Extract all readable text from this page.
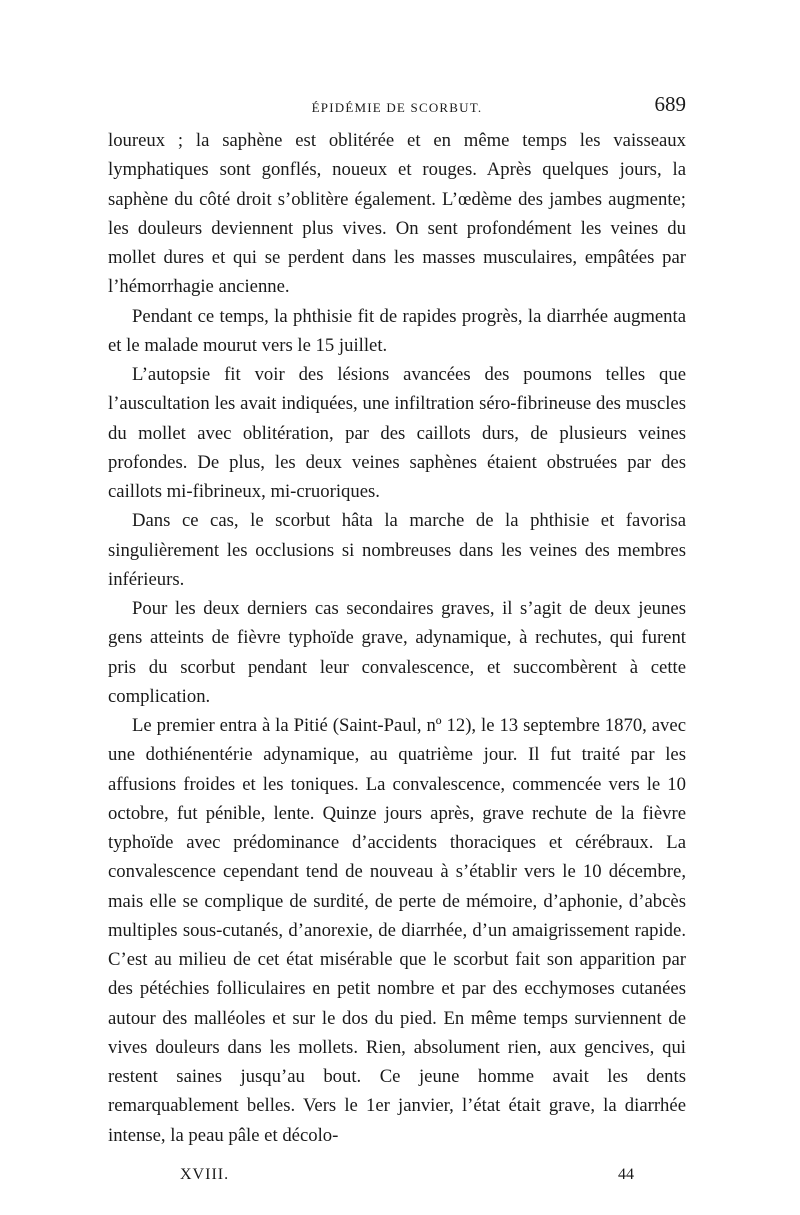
ÉPIDÉMIE DE SCORBUT.	689

loureux ; la saphène est oblitérée et en même temps les vaisseaux lymphatiques sont gonflés, noueux et rouges. Après quelques jours, la saphène du côté droit s’oblitère également. L’œdème des jambes augmente; les douleurs deviennent plus vives. On sent profondément les veines du mollet dures et qui se perdent dans les masses musculaires, empâtées par l’hémorrhagie ancienne.

Pendant ce temps, la phthisie fit de rapides progrès, la diarrhée augmenta et le malade mourut vers le 15 juillet.

L’autopsie fit voir des lésions avancées des poumons telles que l’auscultation les avait indiquées, une infiltration séro-fibrineuse des muscles du mollet avec oblitération, par des caillots durs, de plusieurs veines profondes. De plus, les deux veines saphènes étaient obstruées par des caillots mi-fibrineux, mi-cruoriques.

Dans ce cas, le scorbut hâta la marche de la phthisie et favorisa singulièrement les occlusions si nombreuses dans les veines des membres inférieurs.

Pour les deux derniers cas secondaires graves, il s’agit de deux jeunes gens atteints de fièvre typhoïde grave, adynamique, à rechutes, qui furent pris du scorbut pendant leur convalescence, et succombèrent à cette complication.

Le premier entra à la Pitié (Saint-Paul, nº 12), le 13 septembre 1870, avec une dothiénentérie adynamique, au quatrième jour. Il fut traité par les affusions froides et les toniques. La convalescence, commencée vers le 10 octobre, fut pénible, lente. Quinze jours après, grave rechute de la fièvre typhoïde avec prédominance d’accidents thoraciques et cérébraux. La convalescence cependant tend de nouveau à s’établir vers le 10 décembre, mais elle se complique de surdité, de perte de mémoire, d’aphonie, d’abcès multiples sous-cutanés, d’anorexie, de diarrhée, d’un amaigrissement rapide. C’est au milieu de cet état misérable que le scorbut fait son apparition par des pétéchies folliculaires en petit nombre et par des ecchymoses cutanées autour des malléoles et sur le dos du pied. En même temps surviennent de vives douleurs dans les mollets. Rien, absolument rien, aux gencives, qui restent saines jusqu’au bout. Ce jeune homme avait les dents remarquablement belles. Vers le 1er janvier, l’état était grave, la diarrhée intense, la peau pâle et décolo-

XVIII.	44
